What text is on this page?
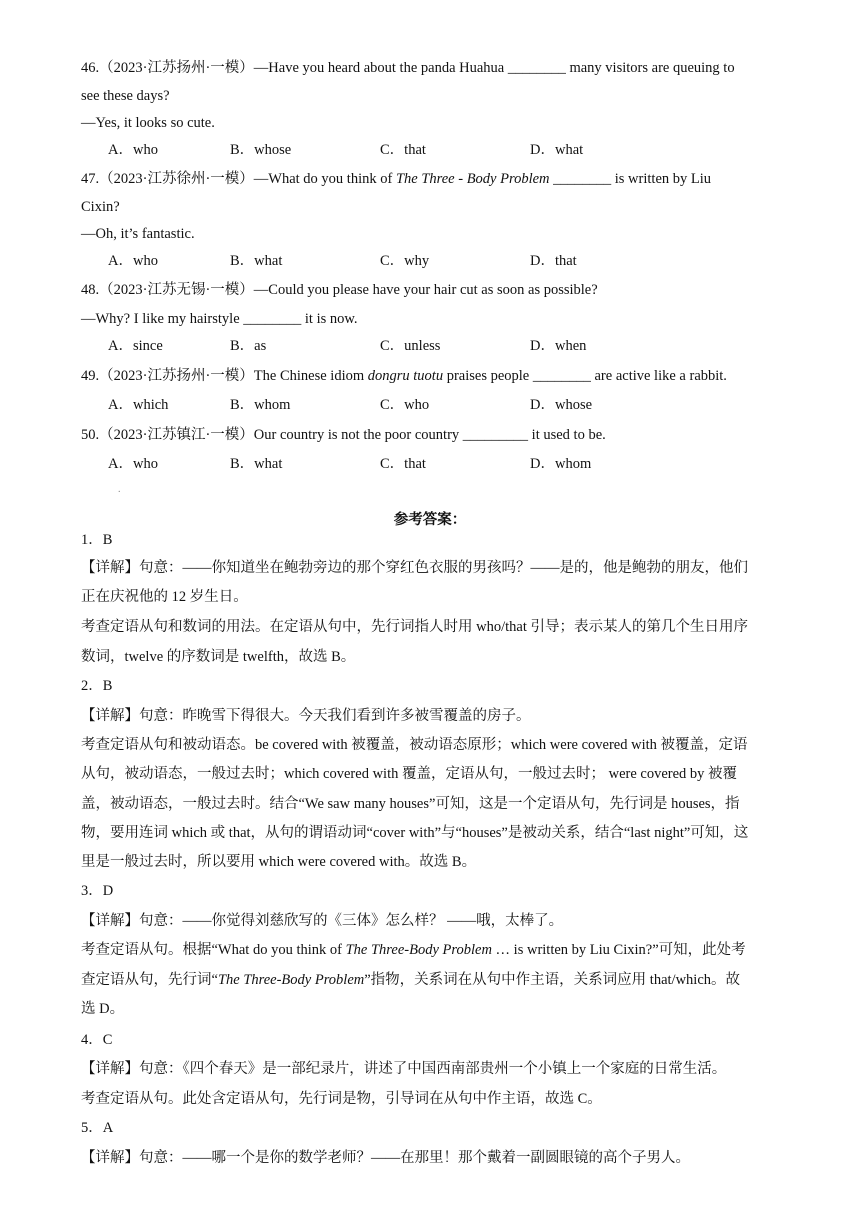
46.（2023·江苏扬州·一模）—Have you heard about the panda Huahua ________ many visitors are queuing to
see these days?
—Yes, it looks so cute.
A．who	B．whose	C．that	D．what
47.（2023·江苏徐州·一模）—What do you think of The Three - Body Problem ________ is written by Liu
Cixin?
—Oh, it’s fantastic.
A．who	B．what	C．why	D．that
48.（2023·江苏无锡·一模）—Could you please have your hair cut as soon as possible?
—Why? I like my hairstyle ________ it is now.
A．since	B．as	C．unless	D．when
49.（2023·江苏扬州·一模）The Chinese idiom dongru tuotu praises people ________ are active like a rabbit.
A．which	B．whom	C．who	D．whose
50.（2023·江苏镇江·一模）Our country is not the poor country _________ it used to be.
A．who	B．what	C．that	D．whom
.
参考答案：
1．B
【详解】句意：——你知道坐在鲍勃旁边的那个穿红色衣服的男孩吗？——是的，他是鲍勃的朋友，他们
正在庆祝他的 12 岁生日。
考查定语从句和数词的用法。在定语从句中，先行词指人时用 who/that 引导；表示某人的第几个生日用序
数词，twelve 的序数词是 twelfth，故选 B。
2．B
【详解】句意：昨晚雪下得很大。今天我们看到许多被雪覆盖的房子。
考查定语从句和被动语态。be covered with 被覆盖，被动语态原形；which were covered with 被覆盖，定语
从句，被动语态，一般过去时；which covered with 覆盖，定语从句，一般过去时； were covered by 被覆
盖，被动语态，一般过去时。结合“We saw many houses”可知，这是一个定语从句，先行词是 houses，指
物，要用连词 which 或 that，从句的谓语动词“cover with”与“houses”是被动关系，结合“last night”可知，这
里是一般过去时，所以要用 which were covered with。故选 B。
3．D
【详解】句意：——你觉得刘慈欣写的《三体》怎么样？ ——哦，太棒了。
考查定语从句。根据“What do you think of The Three-Body Problem … is written by Liu Cixin?”可知，此处考
查定语从句，先行词“The Three-Body Problem”指物，关系词在从句中作主语，关系词应用 that/which。故
选 D。
4．C
【详解】句意：《四个春天》是一部纪录片，讲述了中国西南部贵州一个小镇上一个家庭的日常生活。
考查定语从句。此处含定语从句，先行词是物，引导词在从句中作主语，故选 C。
5．A
【详解】句意：——哪一个是你的数学老师？——在那里！那个戴着一副圆眼镜的高个子男人。
